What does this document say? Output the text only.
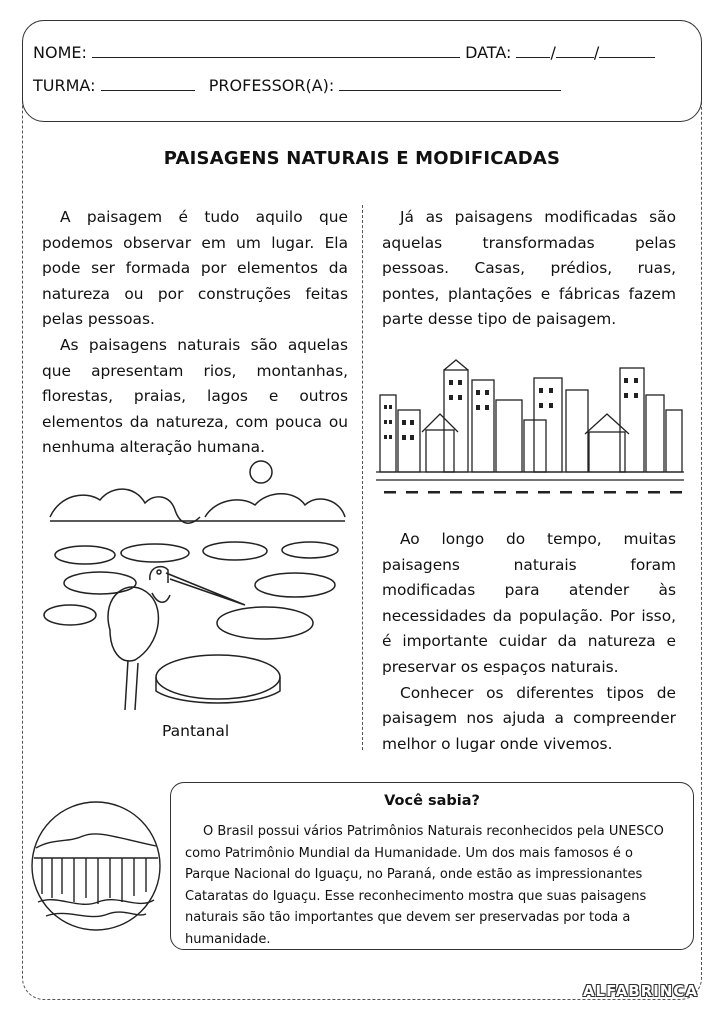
NOME:	DATA: / /
TURMA:	PROFESSOR(A):
PAISAGENS NATURAIS E MODIFICADAS

A paisagem é tudo aquilo que podemos observar em um lugar. Ela pode ser formada por elementos da natureza ou por construções feitas pelas pessoas.

As paisagens naturais são aquelas que apresentam rios, montanhas, florestas, praias, lagos e outros elementos da natureza, com pouca ou nenhuma alteração humana.

Já as paisagens modificadas são aquelas transformadas pelas pessoas. Casas, prédios, ruas, pontes, plantações e fábricas fazem parte desse tipo de paisagem.

Ao longo do tempo, muitas paisagens naturais foram modificadas para atender às necessidades da população. Por isso, é importante cuidar da natureza e preservar os espaços naturais.

Conhecer os diferentes tipos de paisagem nos ajuda a compreender melhor o lugar onde vivemos.

Pantanal
Você sabia?

O Brasil possui vários Patrimônios Naturais reconhecidos pela UNESCO como Patrimônio Mundial da Humanidade. Um dos mais famosos é o Parque Nacional do Iguaçu, no Paraná, onde estão as impressionantes Cataratas do Iguaçu. Esse reconhecimento mostra que suas paisagens naturais são tão importantes que devem ser preservadas por toda a humanidade.

ALFABRINCA
